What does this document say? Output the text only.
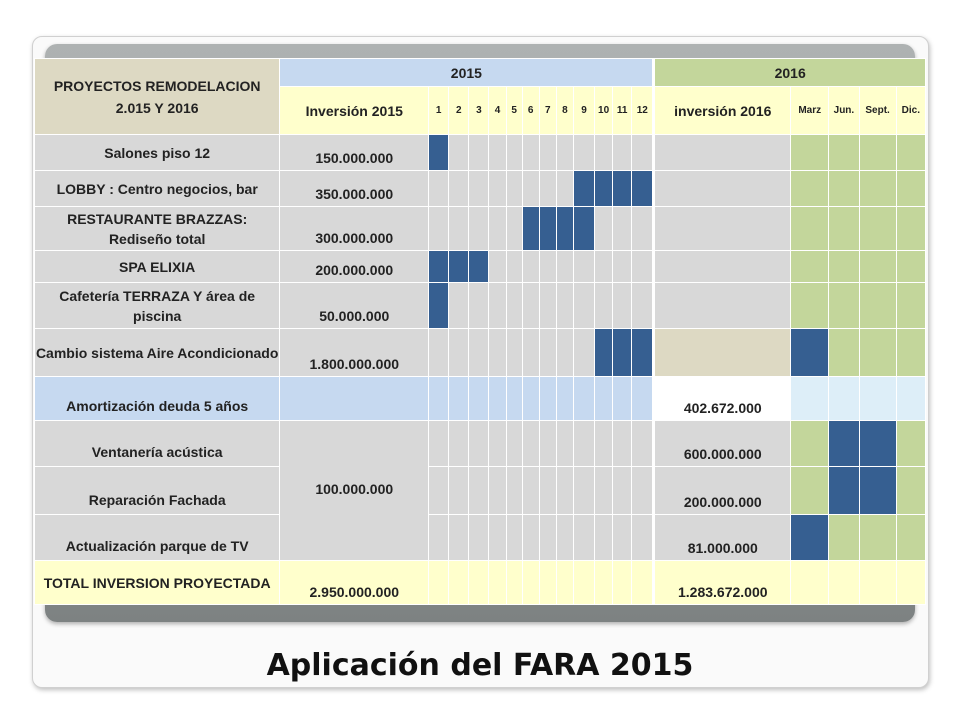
PROYECTOS REMODELACION 2.015 Y 2016	2015													2016				
	Inversión 2015	1	2	3	4	5	6	7	8	9	10	11	12	inversión 2016	Marz	Jun.	Sept.	Dic.
Salones piso 12	150.000.000																	
LOBBY : Centro negocios, bar	350.000.000																	
RESTAURANTE BRAZZAS: Rediseño total	300.000.000																	
SPA ELIXIA	200.000.000																	
Cafetería TERRAZA Y área de piscina	50.000.000																	
Cambio sistema Aire Acondicionado	1.800.000.000																	
Amortización deuda 5 años														402.672.000				
Ventanería acústica	100.000.000													600.000.000				
Reparación Fachada														200.000.000				
Actualización parque de TV														81.000.000				
TOTAL INVERSION PROYECTADA	2.950.000.000													1.283.672.000				
Aplicación del FARA 2015
